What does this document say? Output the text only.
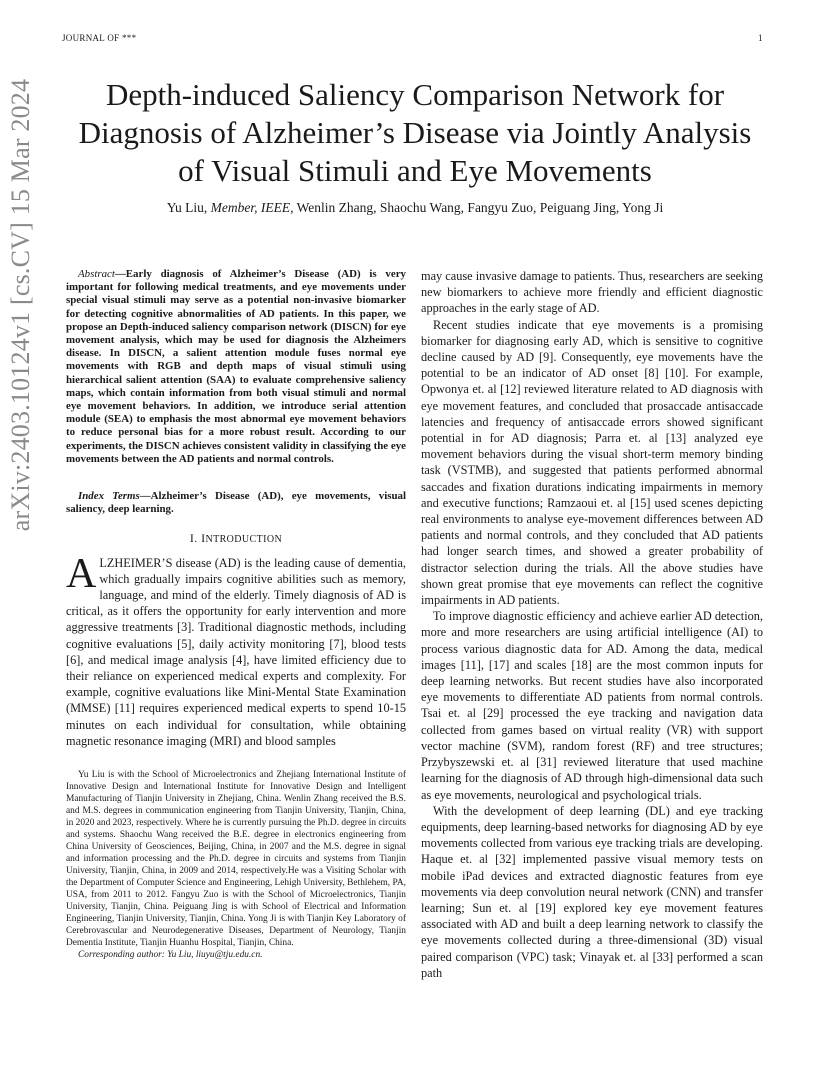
JOURNAL OF ***	1
arXiv:2403.10124v1 [cs.CV] 15 Mar 2024	Depth-induced Saliency Comparison Network for Diagnosis of Alzheimer’s Disease via Jointly Analysis of Visual Stimuli and Eye Movements
Yu Liu, Member, IEEE, Wenlin Zhang, Shaochu Wang, Fangyu Zuo, Peiguang Jing, Yong Ji

Abstract—Early diagnosis of Alzheimer’s Disease (AD) is very important for following medical treatments, and eye movements under special visual stimuli may serve as a potential non-invasive biomarker for detecting cognitive abnormalities of AD patients. In this paper, we propose an Depth-induced saliency comparison network (DISCN) for eye movement analysis, which may be used for diagnosis the Alzheimers disease. In DISCN, a salient attention module fuses normal eye movements with RGB and depth maps of visual stimuli using hierarchical salient attention (SAA) to evaluate comprehensive saliency maps, which contain information from both visual stimuli and normal eye movement behaviors. In addition, we introduce serial attention module (SEA) to emphasis the most abnormal eye movement behaviors to reduce personal bias for a more robust result. According to our experiments, the DISCN achieves consistent validity in classifying the eye movements between the AD patients and normal controls.

Index Terms—Alzheimer’s Disease (AD), eye movements, visual saliency, deep learning.

I. INTRODUCTION

ALZHEIMER’S disease (AD) is the leading cause of dementia, which gradually impairs cognitive abilities such as memory, language, and mind of the elderly. Timely diagnosis of AD is critical, as it offers the opportunity for early intervention and more aggressive treatments [3]. Traditional diagnostic methods, including cognitive evaluations [5], daily activity monitoring [7], blood tests [6], and medical image analysis [4], have limited efficiency due to their reliance on experienced medical experts and complexity. For example, cognitive evaluations like Mini-Mental State Examination (MMSE) [11] requires experienced medical experts to spend 10-15 minutes on each individual for consultation, while obtaining magnetic resonance imaging (MRI) and blood samples

Yu Liu is with the School of Microelectronics and Zhejiang International Institute of Innovative Design and International Institute for Innovative Design and Intelligent Manufacturing of Tianjin University in Zhejiang, China. Wenlin Zhang received the B.S. and M.S. degrees in communication engineering from Tianjin University, Tianjin, China, in 2020 and 2023, respectively. Where he is currently pursuing the Ph.D. degree in circuits and systems. Shaochu Wang received the B.E. degree in electronics engineering from China University of Geosciences, Beijing, China, in 2007 and the M.S. degree in signal and information processing and the Ph.D. degree in circuits and systems from Tianjin University, Tianjin, China, in 2009 and 2014, respectively.He was a Visiting Scholar with the Department of Computer Science and Engineering, Lehigh University, Bethlehem, PA, USA, from 2011 to 2012. Fangyu Zuo is with the School of Microelectronics, Tianjin University, Tianjin, China. Peiguang Jing is with School of Electrical and Information Engineering, Tianjin University, Tianjin, China. Yong Ji is with Tianjin Key Laboratory of Cerebrovascular and Neurodegenerative Diseases, Department of Neurology, Tianjin Dementia Institute, Tianjin Huanhu Hospital, Tianjin, China.

Corresponding author: Yu Liu, liuyu@tju.edu.cn.

may cause invasive damage to patients. Thus, researchers are seeking new biomarkers to achieve more friendly and efficient diagnostic approaches in the early stage of AD.

Recent studies indicate that eye movements is a promising biomarker for diagnosing early AD, which is sensitive to cognitive decline caused by AD [9]. Consequently, eye movements have the potential to be an indicator of AD onset [8] [10]. For example, Opwonya et. al [12] reviewed literature related to AD diagnosis with eye movement features, and concluded that prosaccade antisaccade latencies and frequency of antisaccade errors showed significant potential in for AD diagnosis; Parra et. al [13] analyzed eye movement behaviors during the visual short-term memory binding task (VSTMB), and suggested that patients performed abnormal saccades and fixation durations indicating impairments in memory and executive functions; Ramzaoui et. al [15] used scenes depicting real environments to analyse eye-movement differences between AD patients and normal controls, and they concluded that AD patients had longer search times, and showed a greater probability of distractor selection during the trials. All the above studies have shown great promise that eye movements can reflect the cognitive impairments in AD patients.

To improve diagnostic efficiency and achieve earlier AD detection, more and more researchers are using artificial intelligence (AI) to process various diagnostic data for AD. Among the data, medical images [11], [17] and scales [18] are the most common inputs for deep learning networks. But recent studies have also incorporated eye movements to differentiate AD patients from normal controls. Tsai et. al [29] processed the eye tracking and navigation data collected from games based on virtual reality (VR) with support vector machine (SVM), random forest (RF) and tree structures; Przybyszewski et. al [31] reviewed literature that used machine learning for the diagnosis of AD through high-dimensional data such as eye movements, neurological and psychological trials.

With the development of deep learning (DL) and eye tracking equipments, deep learning-based networks for diagnosing AD by eye movements collected from various eye tracking trials are developing. Haque et. al [32] implemented passive visual memory tests on mobile iPad devices and extracted diagnostic features from eye movements via deep convolution neural network (CNN) and transfer learning; Sun et. al [19] explored key eye movement features associated with AD and built a deep learning network to classify the eye movements collected during a three-dimensional (3D) visual paired comparison (VPC) task; Vinayak et. al [33] performed a scan path
